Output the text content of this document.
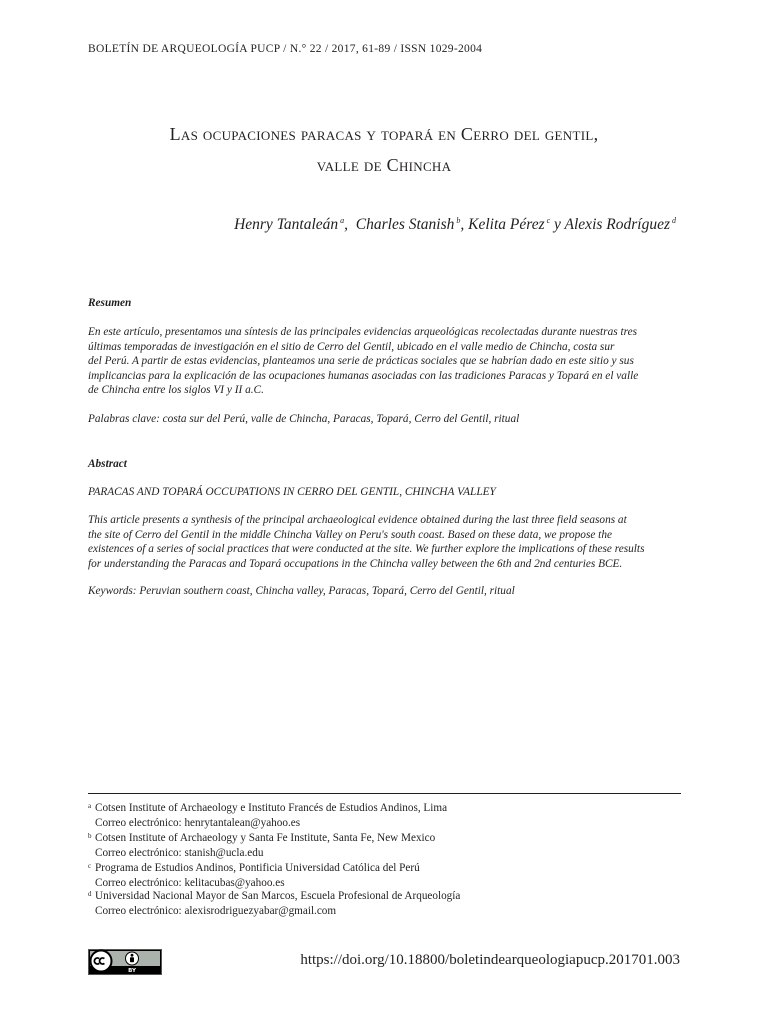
BOLETÍN DE ARQUEOLOGÍA PUCP / N.° 22 / 2017, 61-89 / ISSN 1029-2004
Las ocupaciones paracas y topará en Cerro del gentil,
valle de Chincha
Henry Tantaleán $^a$,  Charles Stanish $^b$, Kelita Pérez $^c$ y Alexis Rodríguez $^d$
Resumen
En este artículo, presentamos una síntesis de las principales evidencias arqueológicas recolectadas durante nuestras tres
últimas temporadas de investigación en el sitio de Cerro del Gentil, ubicado en el valle medio de Chincha, costa sur
del Perú. A partir de estas evidencias, planteamos una serie de prácticas sociales que se habrían dado en este sitio y sus
implicancias para la explicación de las ocupaciones humanas asociadas con las tradiciones Paracas y Topará en el valle
de Chincha entre los siglos VI y II a.C.
Palabras clave: costa sur del Perú, valle de Chincha, Paracas, Topará, Cerro del Gentil, ritual
Abstract
PARACAS AND TOPARÁ OCCUPATIONS IN CERRO DEL GENTIL, CHINCHA VALLEY
This article presents a synthesis of the principal archaeological evidence obtained during the last three field seasons at
the site of Cerro del Gentil in the middle Chincha Valley on Peru's south coast. Based on these data, we propose the
existences of a series of social practices that were conducted at the site. We further explore the implications of these results
for understanding the Paracas and Topará occupations in the Chincha valley between the 6th and 2nd centuries BCE.
Keywords: Peruvian southern coast, Chincha valley, Paracas, Topará, Cerro del Gentil, ritual
a Cotsen Institute of Archaeology e Instituto Francés de Estudios Andinos, Lima
Correo electrónico: henrytantalean@yahoo.es
b Cotsen Institute of Archaeology y Santa Fe Institute, Santa Fe, New Mexico
Correo electrónico: stanish@ucla.edu
c Programa de Estudios Andinos, Pontificia Universidad Católica del Perú
Correo electrónico: kelitacubas@yahoo.es
d Universidad Nacional Mayor de San Marcos, Escuela Profesional de Arqueología
Correo electrónico: alexisrodriguezyabar@gmail.com
BY
https://doi.org/10.18800/boletindearqueologiapucp.201701.003
